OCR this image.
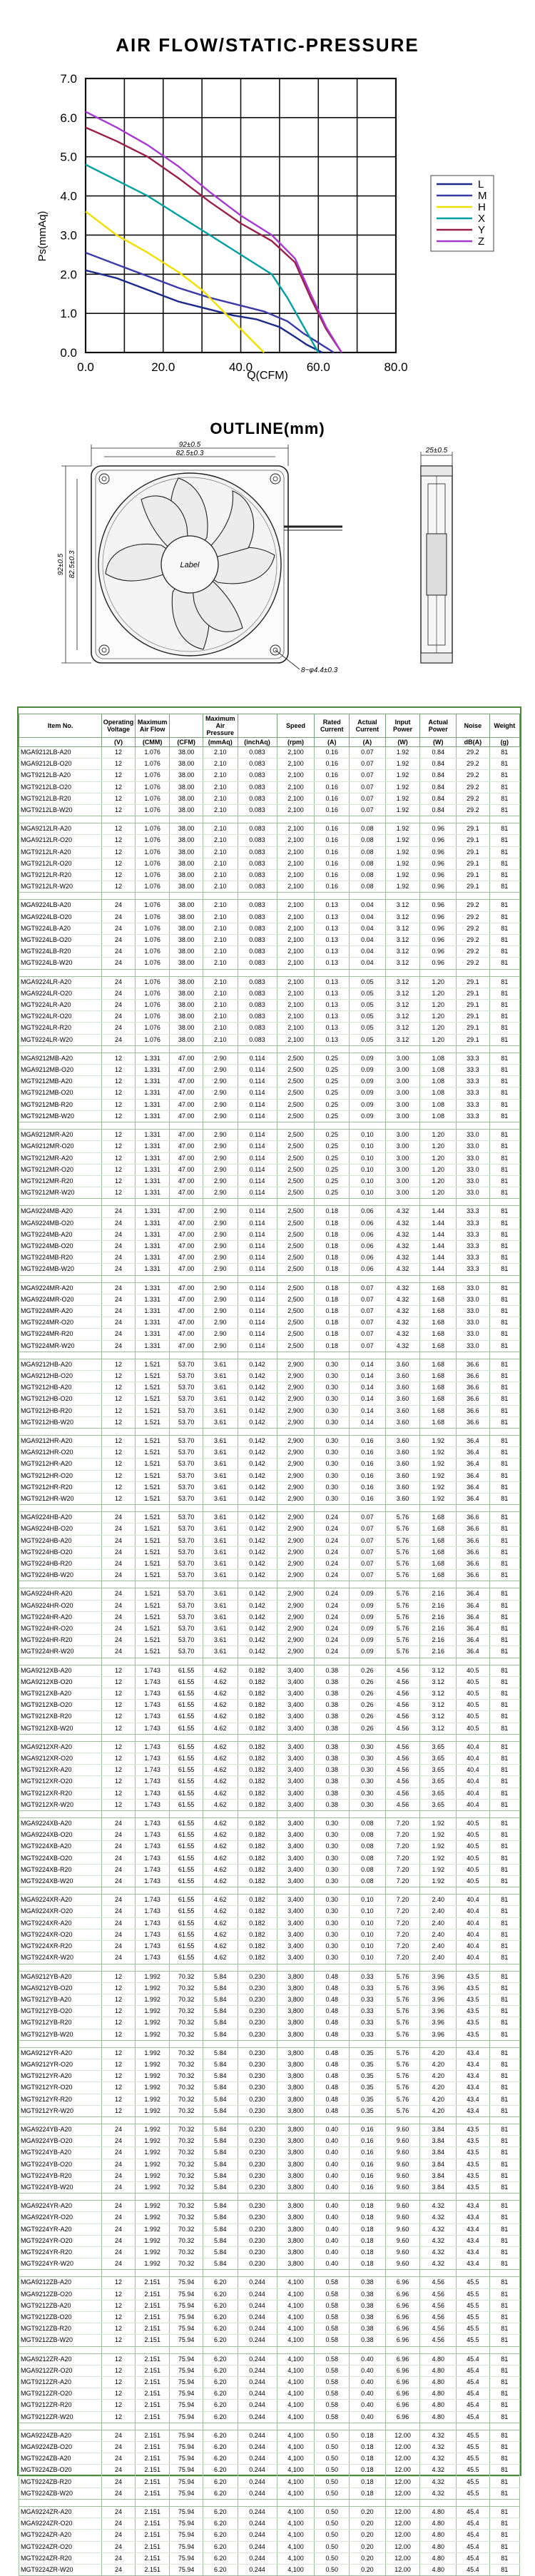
AIR FLOW/STATIC-PRESSURE
0.0
1.0
2.0
3.0
4.0
5.0
6.0
7.0
0.0	20.0	40.0	60.0	80.0
L
M
H
X
Y
Z
Ps(mmAq)
Q(CFM)
OUTLINE(mm)
Label
92±0.5
82.5±0.3
92±0.5 82.5±0.3
8~φ4.4±0.3
25±0.5
Item No.	Operating Voltage	Maximum Air Flow		Maximum Air Pressure		Speed	Rated Current	Actual Current	Input Power	Actual Power	Noise	Weight
	(V)	(CMM)	(CFM)	(mmAq)	(inchAq)	(rpm)	(A)	(A)	(W)	(W)	dB(A)	(g)
MGA9212LB-A20	12	1.076	38.00	2.10	0.083	2,100	0.16	0.07	1.92	0.84	29.2	81
MGA9212LB-O20	12	1.076	38.00	2.10	0.083	2,100	0.16	0.07	1.92	0.84	29.2	81
MGT9212LB-A20	12	1.076	38.00	2.10	0.083	2,100	0.16	0.07	1.92	0.84	29.2	81
MGT9212LB-O20	12	1.076	38.00	2.10	0.083	2,100	0.16	0.07	1.92	0.84	29.2	81
MGT9212LB-R20	12	1.076	38.00	2.10	0.083	2,100	0.16	0.07	1.92	0.84	29.2	81
MGT9212LB-W20	12	1.076	38.00	2.10	0.083	2,100	0.16	0.07	1.92	0.84	29.2	81

MGA9212LR-A20	12	1.076	38.00	2.10	0.083	2,100	0.16	0.08	1.92	0.96	29.1	81
MGA9212LR-O20	12	1.076	38.00	2.10	0.083	2,100	0.16	0.08	1.92	0.96	29.1	81
MGT9212LR-A20	12	1.076	38.00	2.10	0.083	2,100	0.16	0.08	1.92	0.96	29.1	81
MGT9212LR-O20	12	1.076	38.00	2.10	0.083	2,100	0.16	0.08	1.92	0.96	29.1	81
MGT9212LR-R20	12	1.076	38.00	2.10	0.083	2,100	0.16	0.08	1.92	0.96	29.1	81
MGT9212LR-W20	12	1.076	38.00	2.10	0.083	2,100	0.16	0.08	1.92	0.96	29.1	81

MGA9224LB-A20	24	1.076	38.00	2.10	0.083	2,100	0.13	0.04	3.12	0.96	29.2	81
MGA9224LB-O20	24	1.076	38.00	2.10	0.083	2,100	0.13	0.04	3.12	0.96	29.2	81
MGT9224LB-A20	24	1.076	38.00	2.10	0.083	2,100	0.13	0.04	3.12	0.96	29.2	81
MGT9224LB-O20	24	1.076	38.00	2.10	0.083	2,100	0.13	0.04	3.12	0.96	29.2	81
MGT9224LB-R20	24	1.076	38.00	2.10	0.083	2,100	0.13	0.04	3.12	0.96	29.2	81
MGT9224LB-W20	24	1.076	38.00	2.10	0.083	2,100	0.13	0.04	3.12	0.96	29.2	81

MGA9224LR-A20	24	1.076	38.00	2.10	0.083	2,100	0.13	0.05	3.12	1.20	29.1	81
MGA9224LR-O20	24	1.076	38.00	2.10	0.083	2,100	0.13	0.05	3.12	1.20	29.1	81
MGT9224LR-A20	24	1.076	38.00	2.10	0.083	2,100	0.13	0.05	3.12	1.20	29.1	81
MGT9224LR-O20	24	1.076	38.00	2.10	0.083	2,100	0.13	0.05	3.12	1.20	29.1	81
MGT9224LR-R20	24	1.076	38.00	2.10	0.083	2,100	0.13	0.05	3.12	1.20	29.1	81
MGT9224LR-W20	24	1.076	38.00	2.10	0.083	2,100	0.13	0.05	3.12	1.20	29.1	81

MGA9212MB-A20	12	1.331	47.00	2.90	0.114	2,500	0.25	0.09	3.00	1.08	33.3	81
MGA9212MB-O20	12	1.331	47.00	2.90	0.114	2,500	0.25	0.09	3.00	1.08	33.3	81
MGT9212MB-A20	12	1.331	47.00	2.90	0.114	2,500	0.25	0.09	3.00	1.08	33.3	81
MGT9212MB-O20	12	1.331	47.00	2.90	0.114	2,500	0.25	0.09	3.00	1.08	33.3	81
MGT9212MB-R20	12	1.331	47.00	2.90	0.114	2,500	0.25	0.09	3.00	1.08	33.3	81
MGT9212MB-W20	12	1.331	47.00	2.90	0.114	2,500	0.25	0.09	3.00	1.08	33.3	81

MGA9212MR-A20	12	1.331	47.00	2.90	0.114	2,500	0.25	0.10	3.00	1.20	33.0	81
MGA9212MR-O20	12	1.331	47.00	2.90	0.114	2,500	0.25	0.10	3.00	1.20	33.0	81
MGT9212MR-A20	12	1.331	47.00	2.90	0.114	2,500	0.25	0.10	3.00	1.20	33.0	81
MGT9212MR-O20	12	1.331	47.00	2.90	0.114	2,500	0.25	0.10	3.00	1.20	33.0	81
MGT9212MR-R20	12	1.331	47.00	2.90	0.114	2,500	0.25	0.10	3.00	1.20	33.0	81
MGT9212MR-W20	12	1.331	47.00	2.90	0.114	2,500	0.25	0.10	3.00	1.20	33.0	81

MGA9224MB-A20	24	1.331	47.00	2.90	0.114	2,500	0.18	0.06	4.32	1.44	33.3	81
MGA9224MB-O20	24	1.331	47.00	2.90	0.114	2,500	0.18	0.06	4.32	1.44	33.3	81
MGT9224MB-A20	24	1.331	47.00	2.90	0.114	2,500	0.18	0.06	4.32	1.44	33.3	81
MGT9224MB-O20	24	1.331	47.00	2.90	0.114	2,500	0.18	0.06	4.32	1.44	33.3	81
MGT9224MB-R20	24	1.331	47.00	2.90	0.114	2,500	0.18	0.06	4.32	1.44	33.3	81
MGT9224MB-W20	24	1.331	47.00	2.90	0.114	2,500	0.18	0.06	4.32	1.44	33.3	81

MGA9224MR-A20	24	1.331	47.00	2.90	0.114	2,500	0.18	0.07	4.32	1.68	33.0	81
MGA9224MR-O20	24	1.331	47.00	2.90	0.114	2,500	0.18	0.07	4.32	1.68	33.0	81
MGT9224MR-A20	24	1.331	47.00	2.90	0.114	2,500	0.18	0.07	4.32	1.68	33.0	81
MGT9224MR-O20	24	1.331	47.00	2.90	0.114	2,500	0.18	0.07	4.32	1.68	33.0	81
MGT9224MR-R20	24	1.331	47.00	2.90	0.114	2,500	0.18	0.07	4.32	1.68	33.0	81
MGT9224MR-W20	24	1.331	47.00	2.90	0.114	2,500	0.18	0.07	4.32	1.68	33.0	81

MGA9212HB-A20	12	1.521	53.70	3.61	0.142	2,900	0.30	0.14	3.60	1.68	36.6	81
MGA9212HB-O20	12	1.521	53.70	3.61	0.142	2,900	0.30	0.14	3.60	1.68	36.6	81
MGT9212HB-A20	12	1.521	53.70	3.61	0.142	2,900	0.30	0.14	3.60	1.68	36.6	81
MGT9212HB-O20	12	1.521	53.70	3.61	0.142	2,900	0.30	0.14	3.60	1.68	36.6	81
MGT9212HB-R20	12	1.521	53.70	3.61	0.142	2,900	0.30	0.14	3.60	1.68	36.6	81
MGT9212HB-W20	12	1.521	53.70	3.61	0.142	2,900	0.30	0.14	3.60	1.68	36.6	81

MGA9212HR-A20	12	1.521	53.70	3.61	0.142	2,900	0.30	0.16	3.60	1.92	36.4	81
MGA9212HR-O20	12	1.521	53.70	3.61	0.142	2,900	0.30	0.16	3.60	1.92	36.4	81
MGT9212HR-A20	12	1.521	53.70	3.61	0.142	2,900	0.30	0.16	3.60	1.92	36.4	81
MGT9212HR-O20	12	1.521	53.70	3.61	0.142	2,900	0.30	0.16	3.60	1.92	36.4	81
MGT9212HR-R20	12	1.521	53.70	3.61	0.142	2,900	0.30	0.16	3.60	1.92	36.4	81
MGT9212HR-W20	12	1.521	53.70	3.61	0.142	2,900	0.30	0.16	3.60	1.92	36.4	81

MGA9224HB-A20	24	1.521	53.70	3.61	0.142	2,900	0.24	0.07	5.76	1.68	36.6	81
MGA9224HB-O20	24	1.521	53.70	3.61	0.142	2,900	0.24	0.07	5.76	1.68	36.6	81
MGT9224HB-A20	24	1.521	53.70	3.61	0.142	2,900	0.24	0.07	5.76	1.68	36.6	81
MGT9224HB-O20	24	1.521	53.70	3.61	0.142	2,900	0.24	0.07	5.76	1.68	36.6	81
MGT9224HB-R20	24	1.521	53.70	3.61	0.142	2,900	0.24	0.07	5.76	1.68	36.6	81
MGT9224HB-W20	24	1.521	53.70	3.61	0.142	2,900	0.24	0.07	5.76	1.68	36.6	81

MGA9224HR-A20	24	1.521	53.70	3.61	0.142	2,900	0.24	0.09	5.76	2.16	36.4	81
MGA9224HR-O20	24	1.521	53.70	3.61	0.142	2,900	0.24	0.09	5.76	2.16	36.4	81
MGT9224HR-A20	24	1.521	53.70	3.61	0.142	2,900	0.24	0.09	5.76	2.16	36.4	81
MGT9224HR-O20	24	1.521	53.70	3.61	0.142	2,900	0.24	0.09	5.76	2.16	36.4	81
MGT9224HR-R20	24	1.521	53.70	3.61	0.142	2,900	0.24	0.09	5.76	2.16	36.4	81
MGT9224HR-W20	24	1.521	53.70	3.61	0.142	2,900	0.24	0.09	5.76	2.16	36.4	81

MGA9212XB-A20	12	1.743	61.55	4.62	0.182	3,400	0.38	0.26	4.56	3.12	40.5	81
MGA9212XB-O20	12	1.743	61.55	4.62	0.182	3,400	0.38	0.26	4.56	3.12	40.5	81
MGT9212XB-A20	12	1.743	61.55	4.62	0.182	3,400	0.38	0.26	4.56	3.12	40.5	81
MGT9212XB-O20	12	1.743	61.55	4.62	0.182	3,400	0.38	0.26	4.56	3.12	40.5	81
MGT9212XB-R20	12	1.743	61.55	4.62	0.182	3,400	0.38	0.26	4.56	3.12	40.5	81
MGT9212XB-W20	12	1.743	61.55	4.62	0.182	3,400	0.38	0.26	4.56	3.12	40.5	81

MGA9212XR-A20	12	1.743	61.55	4.62	0.182	3,400	0.38	0.30	4.56	3.65	40.4	81
MGA9212XR-O20	12	1.743	61.55	4.62	0.182	3,400	0.38	0.30	4.56	3.65	40.4	81
MGT9212XR-A20	12	1.743	61.55	4.62	0.182	3,400	0.38	0.30	4.56	3.65	40.4	81
MGT9212XR-O20	12	1.743	61.55	4.62	0.182	3,400	0.38	0.30	4.56	3.65	40.4	81
MGT9212XR-R20	12	1.743	61.55	4.62	0.182	3,400	0.38	0.30	4.56	3.65	40.4	81
MGT9212XR-W20	12	1.743	61.55	4.62	0.182	3,400	0.38	0.30	4.56	3.65	40.4	81

MGA9224XB-A20	24	1.743	61.55	4.62	0.182	3,400	0.30	0.08	7.20	1.92	40.5	81
MGA9224XB-O20	24	1.743	61.55	4.62	0.182	3,400	0.30	0.08	7.20	1.92	40.5	81
MGT9224XB-A20	24	1.743	61.55	4.62	0.182	3,400	0.30	0.08	7.20	1.92	40.5	81
MGT9224XB-O20	24	1.743	61.55	4.62	0.182	3,400	0.30	0.08	7.20	1.92	40.5	81
MGT9224XB-R20	24	1.743	61.55	4.62	0.182	3,400	0.30	0.08	7.20	1.92	40.5	81
MGT9224XB-W20	24	1.743	61.55	4.62	0.182	3,400	0.30	0.08	7.20	1.92	40.5	81

MGA9224XR-A20	24	1.743	61.55	4.62	0.182	3,400	0.30	0.10	7.20	2.40	40.4	81
MGA9224XR-O20	24	1.743	61.55	4.62	0.182	3,400	0.30	0.10	7.20	2.40	40.4	81
MGT9224XR-A20	24	1.743	61.55	4.62	0.182	3,400	0.30	0.10	7.20	2.40	40.4	81
MGT9224XR-O20	24	1.743	61.55	4.62	0.182	3,400	0.30	0.10	7.20	2.40	40.4	81
MGT9224XR-R20	24	1.743	61.55	4.62	0.182	3,400	0.30	0.10	7.20	2.40	40.4	81
MGT9224XR-W20	24	1.743	61.55	4.62	0.182	3,400	0.30	0.10	7.20	2.40	40.4	81

MGA9212YB-A20	12	1.992	70.32	5.84	0.230	3,800	0.48	0.33	5.76	3.96	43.5	81
MGA9212YB-O20	12	1.992	70.32	5.84	0.230	3,800	0.48	0.33	5.76	3.96	43.5	81
MGT9212YB-A20	12	1.992	70.32	5.84	0.230	3,800	0.48	0.33	5.76	3.96	43.5	81
MGT9212YB-O20	12	1.992	70.32	5.84	0.230	3,800	0.48	0.33	5.76	3.96	43.5	81
MGT9212YB-R20	12	1.992	70.32	5.84	0.230	3,800	0.48	0.33	5.76	3.96	43.5	81
MGT9212YB-W20	12	1.992	70.32	5.84	0.230	3,800	0.48	0.33	5.76	3.96	43.5	81

MGA9212YR-A20	12	1.992	70.32	5.84	0.230	3,800	0.48	0.35	5.76	4.20	43.4	81
MGA9212YR-O20	12	1.992	70.32	5.84	0.230	3,800	0.48	0.35	5.76	4.20	43.4	81
MGT9212YR-A20	12	1.992	70.32	5.84	0.230	3,800	0.48	0.35	5.76	4.20	43.4	81
MGT9212YR-O20	12	1.992	70.32	5.84	0.230	3,800	0.48	0.35	5.76	4.20	43.4	81
MGT9212YR-R20	12	1.992	70.32	5.84	0.230	3,800	0.48	0.35	5.76	4.20	43.4	81
MGT9212YR-W20	12	1.992	70.32	5.84	0.230	3,800	0.48	0.35	5.76	4.20	43.4	81

MGA9224YB-A20	24	1.992	70.32	5.84	0.230	3,800	0.40	0.16	9.60	3.84	43.5	81
MGA9224YB-O20	24	1.992	70.32	5.84	0.230	3,800	0.40	0.16	9.60	3.84	43.5	81
MGT9224YB-A20	24	1.992	70.32	5.84	0.230	3,800	0.40	0.16	9.60	3.84	43.5	81
MGT9224YB-O20	24	1.992	70.32	5.84	0.230	3,800	0.40	0.16	9.60	3.84	43.5	81
MGT9224YB-R20	24	1.992	70.32	5.84	0.230	3,800	0.40	0.16	9.60	3.84	43.5	81
MGT9224YB-W20	24	1.992	70.32	5.84	0.230	3,800	0.40	0.16	9.60	3.84	43.5	81

MGA9224YR-A20	24	1.992	70.32	5.84	0.230	3,800	0.40	0.18	9.60	4.32	43.4	81
MGA9224YR-O20	24	1.992	70.32	5.84	0.230	3,800	0.40	0.18	9.60	4.32	43.4	81
MGT9224YR-A20	24	1.992	70.32	5.84	0.230	3,800	0.40	0.18	9.60	4.32	43.4	81
MGT9224YR-O20	24	1.992	70.32	5.84	0.230	3,800	0.40	0.18	9.60	4.32	43.4	81
MGT9224YR-R20	24	1.992	70.32	5.84	0.230	3,800	0.40	0.18	9.60	4.32	43.4	81
MGT9224YR-W20	24	1.992	70.32	5.84	0.230	3,800	0.40	0.18	9.60	4.32	43.4	81

MGA9212ZB-A20	12	2.151	75.94	6.20	0.244	4,100	0.58	0.38	6.96	4.56	45.5	81
MGA9212ZB-O20	12	2.151	75.94	6.20	0.244	4,100	0.58	0.38	6.96	4.56	45.5	81
MGT9212ZB-A20	12	2.151	75.94	6.20	0.244	4,100	0.58	0.38	6.96	4.56	45.5	81
MGT9212ZB-O20	12	2.151	75.94	6.20	0.244	4,100	0.58	0.38	6.96	4.56	45.5	81
MGT9212ZB-R20	12	2.151	75.94	6.20	0.244	4,100	0.58	0.38	6.96	4.56	45.5	81
MGT9212ZB-W20	12	2.151	75.94	6.20	0.244	4,100	0.58	0.38	6.96	4.56	45.5	81

MGA9212ZR-A20	12	2.151	75.94	6.20	0.244	4,100	0.58	0.40	6.96	4.80	45.4	81
MGA9212ZR-O20	12	2.151	75.94	6.20	0.244	4,100	0.58	0.40	6.96	4.80	45.4	81
MGT9212ZR-A20	12	2.151	75.94	6.20	0.244	4,100	0.58	0.40	6.96	4.80	45.4	81
MGT9212ZR-O20	12	2.151	75.94	6.20	0.244	4,100	0.58	0.40	6.96	4.80	45.4	81
MGT9212ZR-R20	12	2.151	75.94	6.20	0.244	4,100	0.58	0.40	6.96	4.80	45.4	81
MGT9212ZR-W20	12	2.151	75.94	6.20	0.244	4,100	0.58	0.40	6.96	4.80	45.4	81

MGA9224ZB-A20	24	2.151	75.94	6.20	0.244	4,100	0.50	0.18	12.00	4.32	45.5	81
MGA9224ZB-O20	24	2.151	75.94	6.20	0.244	4,100	0.50	0.18	12.00	4.32	45.5	81
MGT9224ZB-A20	24	2.151	75.94	6.20	0.244	4,100	0.50	0.18	12.00	4.32	45.5	81
MGT9224ZB-O20	24	2.151	75.94	6.20	0.244	4,100	0.50	0.18	12.00	4.32	45.5	81
MGT9224ZB-R20	24	2.151	75.94	6.20	0.244	4,100	0.50	0.18	12.00	4.32	45.5	81
MGT9224ZB-W20	24	2.151	75.94	6.20	0.244	4,100	0.50	0.18	12.00	4.32	45.5	81

MGA9224ZR-A20	24	2.151	75.94	6.20	0.244	4,100	0.50	0.20	12.00	4.80	45.4	81
MGA9224ZR-O20	24	2.151	75.94	6.20	0.244	4,100	0.50	0.20	12.00	4.80	45.4	81
MGT9224ZR-A20	24	2.151	75.94	6.20	0.244	4,100	0.50	0.20	12.00	4.80	45.4	81
MGT9224ZR-O20	24	2.151	75.94	6.20	0.244	4,100	0.50	0.20	12.00	4.80	45.4	81
MGT9224ZR-R20	24	2.151	75.94	6.20	0.244	4,100	0.50	0.20	12.00	4.80	45.4	81
MGT9224ZR-W20	24	2.151	75.94	6.20	0.244	4,100	0.50	0.20	12.00	4.80	45.4	81
